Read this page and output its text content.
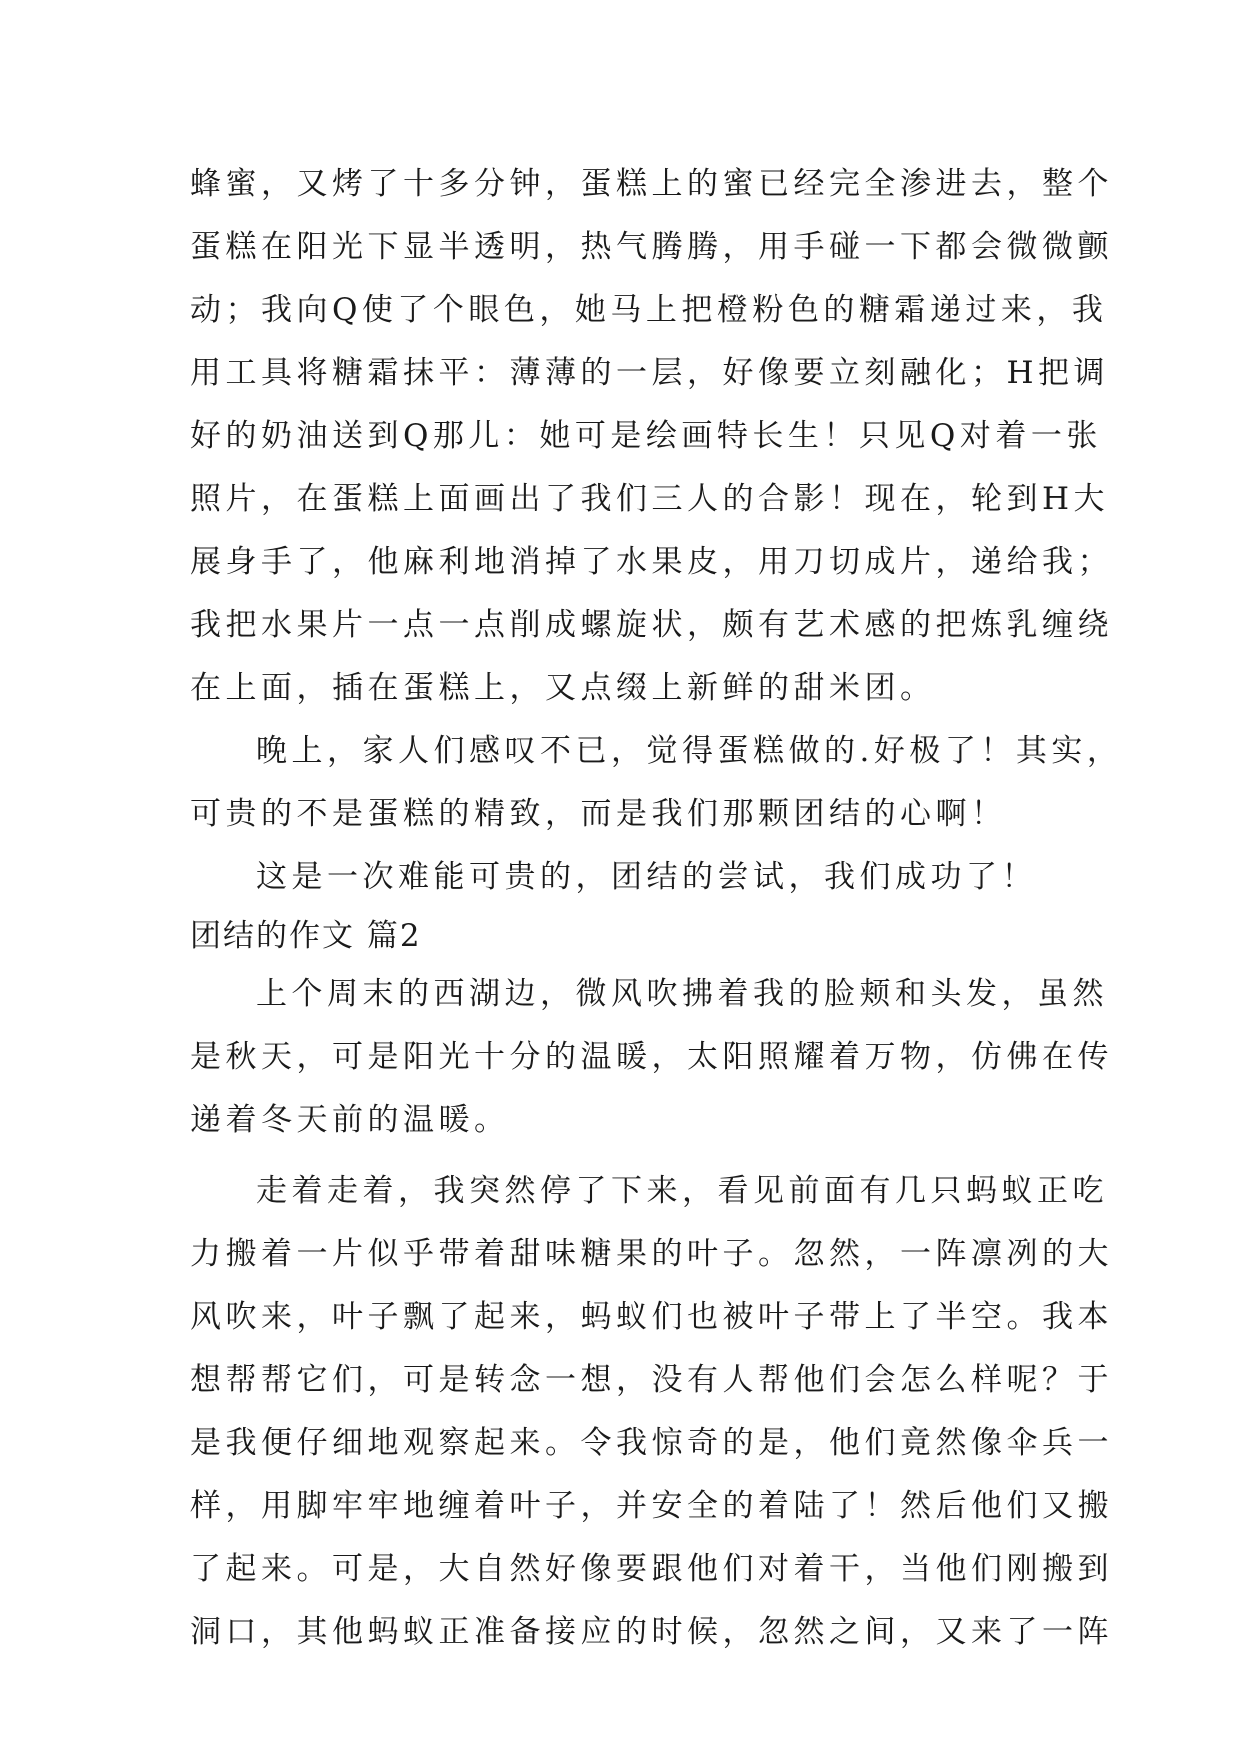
蜂蜜，又烤了十多分钟，蛋糕上的蜜已经完全渗进去，整个
蛋糕在阳光下显半透明，热气腾腾，用手碰一下都会微微颤
动；我向Q使了个眼色，她马上把橙粉色的糖霜递过来，我
用工具将糖霜抹平：薄薄的一层，好像要立刻融化；H把调
好的奶油送到Q那儿：她可是绘画特长生！只见Q对着一张
照片，在蛋糕上面画出了我们三人的合影！现在，轮到H大
展身手了，他麻利地消掉了水果皮，用刀切成片，递给我；
我把水果片一点一点削成螺旋状，颇有艺术感的把炼乳缠绕
在上面，插在蛋糕上，又点缀上新鲜的甜米团。
晚上，家人们感叹不已，觉得蛋糕做的.好极了！其实，
可贵的不是蛋糕的精致，而是我们那颗团结的心啊！
这是一次难能可贵的，团结的尝试，我们成功了！
团结的作文 篇2
上个周末的西湖边，微风吹拂着我的脸颊和头发，虽然
是秋天，可是阳光十分的温暖，太阳照耀着万物，仿佛在传
递着冬天前的温暖。
走着走着，我突然停了下来，看见前面有几只蚂蚁正吃
力搬着一片似乎带着甜味糖果的叶子。忽然，一阵凛冽的大
风吹来，叶子飘了起来，蚂蚁们也被叶子带上了半空。我本
想帮帮它们，可是转念一想，没有人帮他们会怎么样呢？于
是我便仔细地观察起来。令我惊奇的是，他们竟然像伞兵一
样，用脚牢牢地缠着叶子，并安全的着陆了！然后他们又搬
了起来。可是，大自然好像要跟他们对着干，当他们刚搬到
洞口，其他蚂蚁正准备接应的时候，忽然之间，又来了一阵
